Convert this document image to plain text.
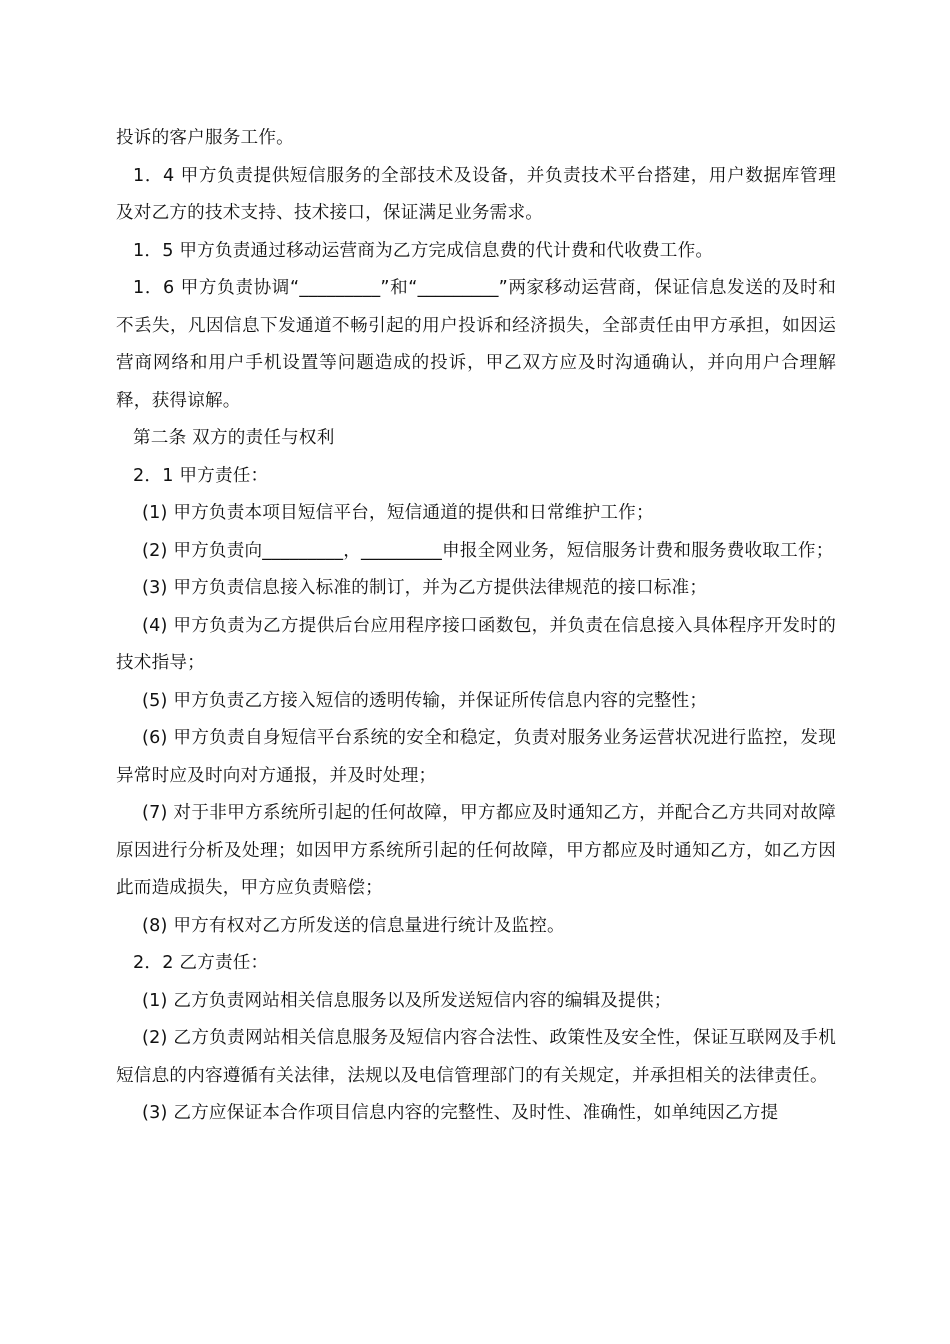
投诉的客户服务工作。

1．4 甲方负责提供短信服务的全部技术及设备，并负责技术平台搭建，用户数据库管理及对乙方的技术支持、技术接口，保证满足业务需求。

1．5 甲方负责通过移动运营商为乙方完成信息费的代计费和代收费工作。

1．6 甲方负责协调“_________”和“_________”两家移动运营商，保证信息发送的及时和不丢失，凡因信息下发通道不畅引起的用户投诉和经济损失，全部责任由甲方承担，如因运营商网络和用户手机设置等问题造成的投诉，甲乙双方应及时沟通确认，并向用户合理解释，获得谅解。

第二条 双方的责任与权利

2．1 甲方责任：

(1) 甲方负责本项目短信平台，短信通道的提供和日常维护工作；

(2) 甲方负责向_________，_________申报全网业务，短信服务计费和服务费收取工作；

(3) 甲方负责信息接入标准的制订，并为乙方提供法律规范的接口标准；

(4) 甲方负责为乙方提供后台应用程序接口函数包，并负责在信息接入具体程序开发时的技术指导；

(5) 甲方负责乙方接入短信的透明传输，并保证所传信息内容的完整性；

(6) 甲方负责自身短信平台系统的安全和稳定，负责对服务业务运营状况进行监控，发现异常时应及时向对方通报，并及时处理；

(7) 对于非甲方系统所引起的任何故障，甲方都应及时通知乙方，并配合乙方共同对故障原因进行分析及处理；如因甲方系统所引起的任何故障，甲方都应及时通知乙方，如乙方因此而造成损失，甲方应负责赔偿；

(8) 甲方有权对乙方所发送的信息量进行统计及监控。

2．2 乙方责任：

(1) 乙方负责网站相关信息服务以及所发送短信内容的编辑及提供；

(2) 乙方负责网站相关信息服务及短信内容合法性、政策性及安全性，保证互联网及手机短信息的内容遵循有关法律，法规以及电信管理部门的有关规定，并承担相关的法律责任。

(3) 乙方应保证本合作项目信息内容的完整性、及时性、准确性，如单纯因乙方提
